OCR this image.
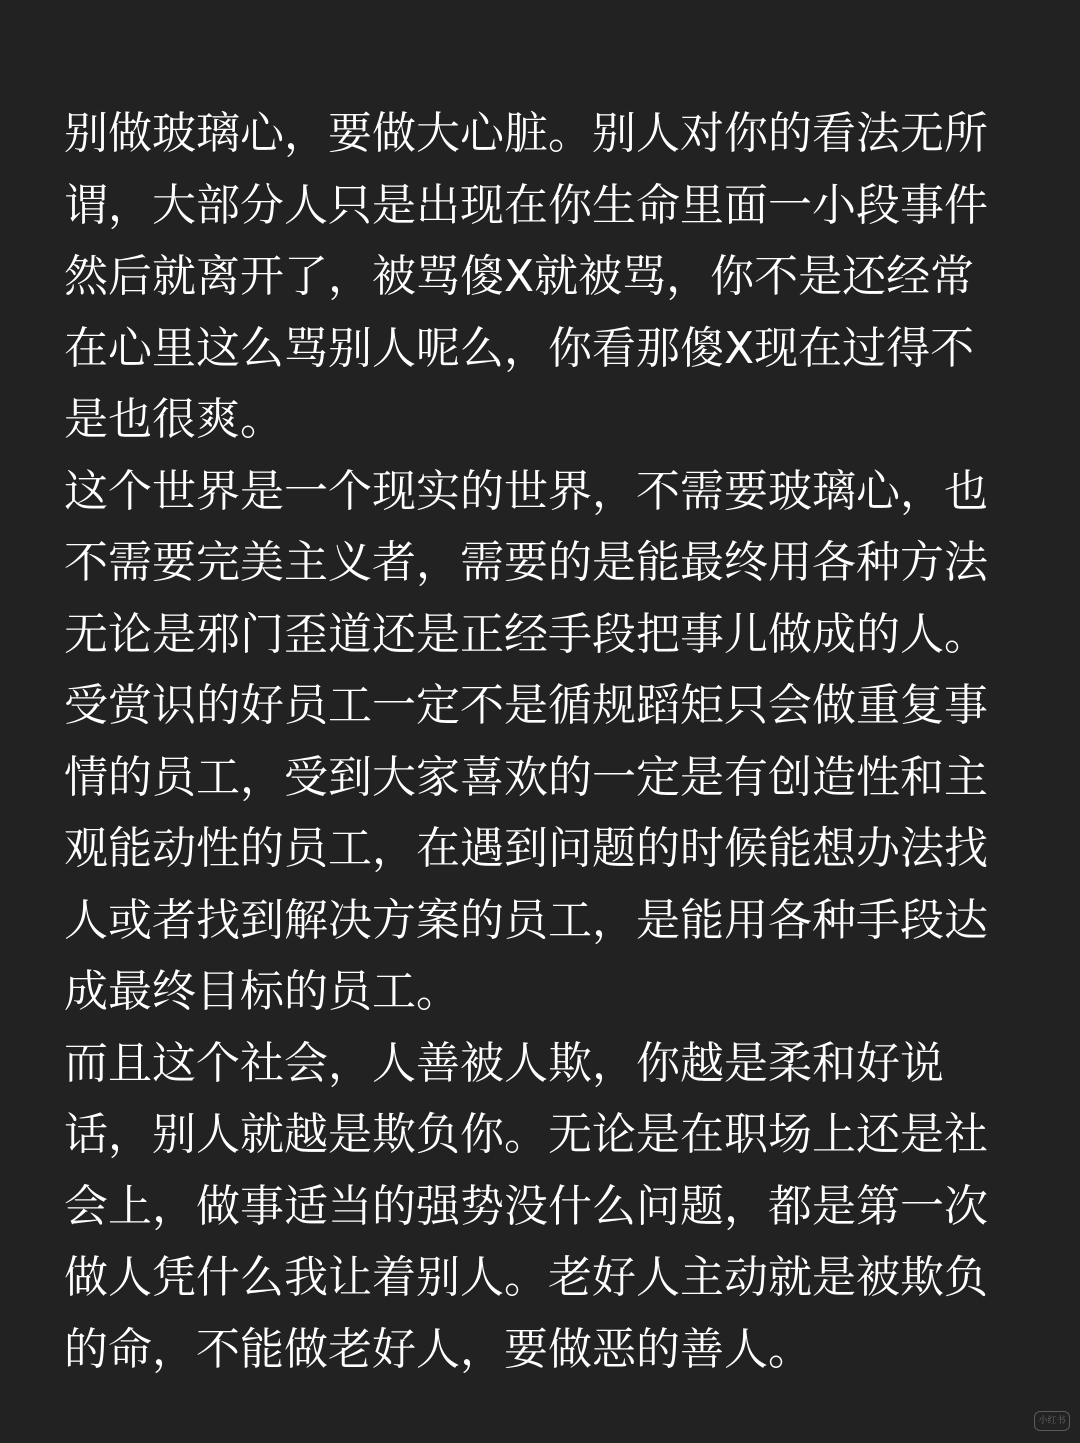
别做玻璃心，要做大心脏。别人对你的看法无所
谓，大部分人只是出现在你生命里面一小段事件
然后就离开了，被骂傻X就被骂，你不是还经常
在心里这么骂别人呢么，你看那傻X现在过得不
是也很爽。
这个世界是一个现实的世界，不需要玻璃心，也
不需要完美主义者，需要的是能最终用各种方法
无论是邪门歪道还是正经手段把事儿做成的人。
受赏识的好员工一定不是循规蹈矩只会做重复事
情的员工，受到大家喜欢的一定是有创造性和主
观能动性的员工，在遇到问题的时候能想办法找
人或者找到解决方案的员工，是能用各种手段达
成最终目标的员工。
而且这个社会，人善被人欺，你越是柔和好说
话，别人就越是欺负你。无论是在职场上还是社
会上，做事适当的强势没什么问题，都是第一次
做人凭什么我让着别人。老好人主动就是被欺负
的命，不能做老好人，要做恶的善人。
小红书
